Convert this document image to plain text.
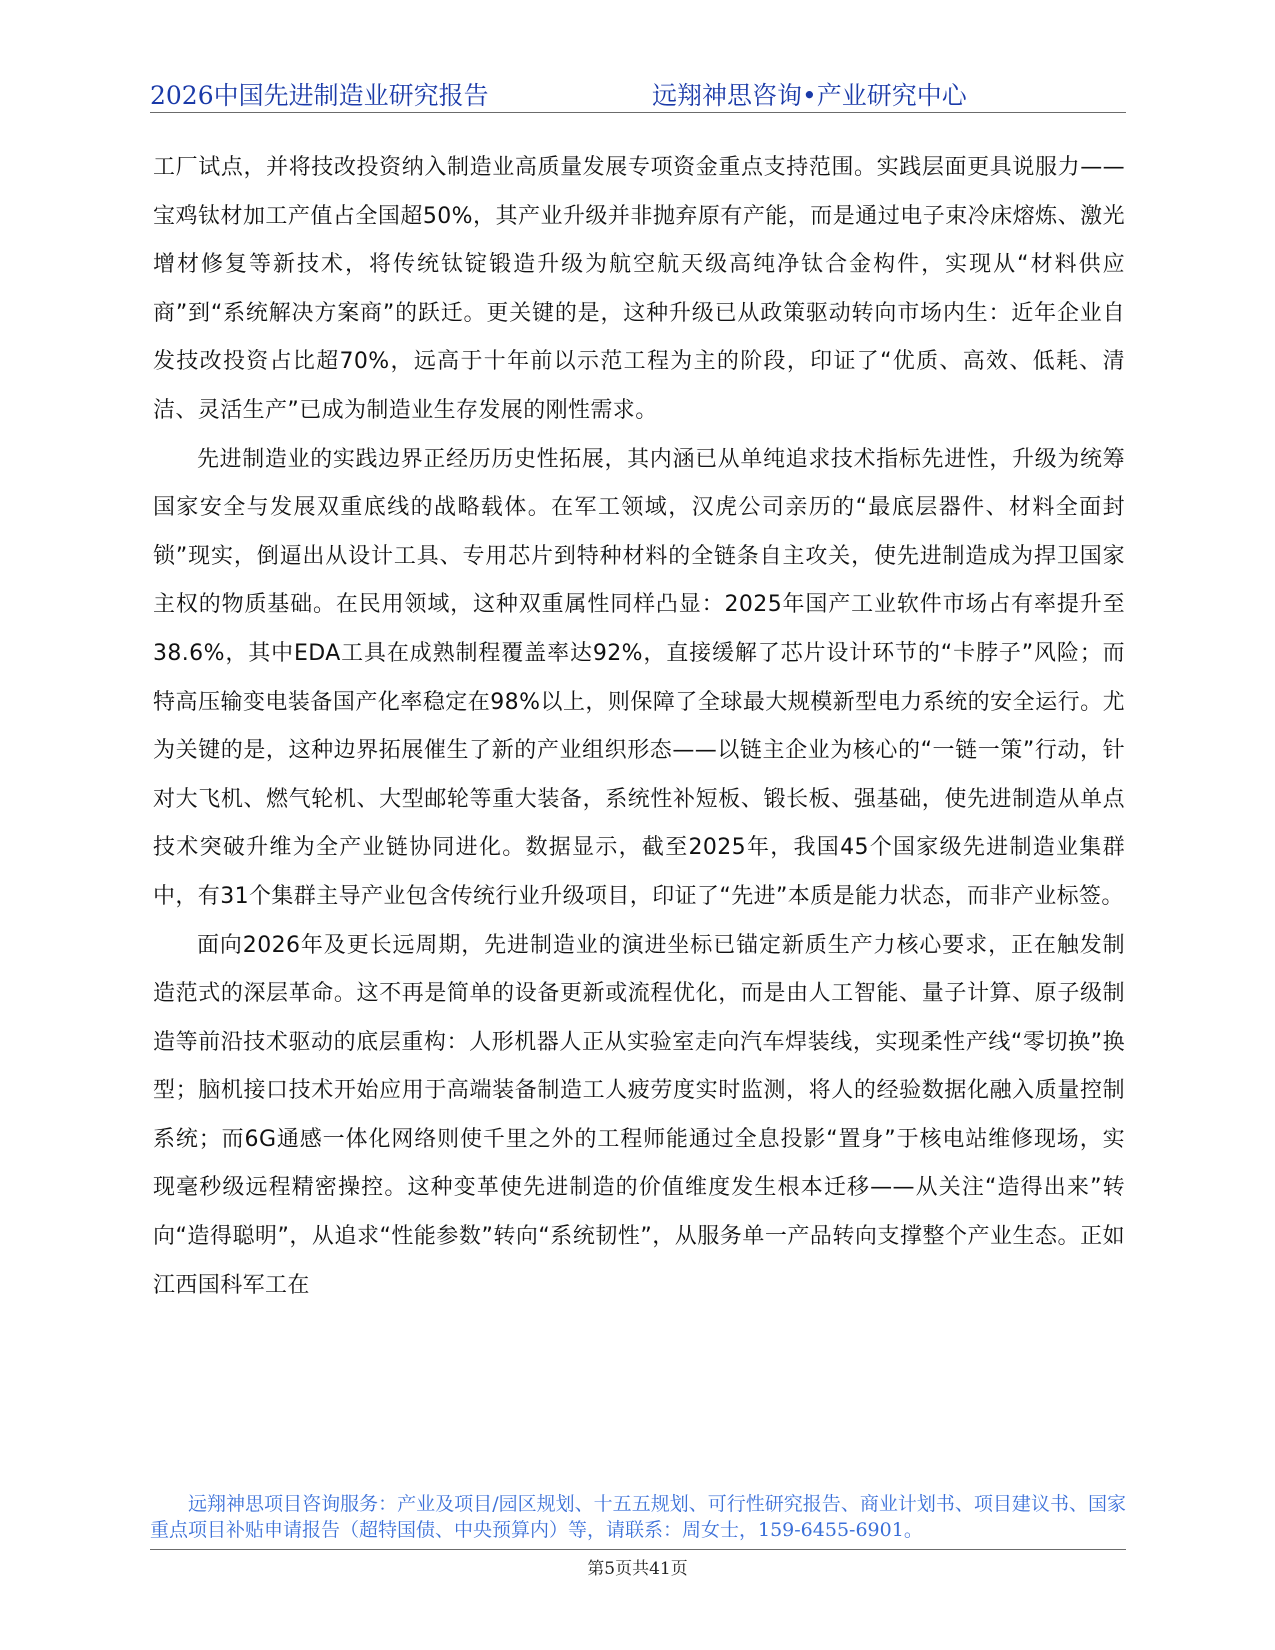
2026中国先进制造业研究报告	远翔神思咨询•产业研究中心

工厂试点，并将技改投资纳入制造业高质量发展专项资金重点支持范围。实践层面更具说服力——宝鸡钛材加工产值占全国超50%，其产业升级并非抛弃原有产能，而是通过电子束冷床熔炼、激光增材修复等新技术，将传统钛锭锻造升级为航空航天级高纯净钛合金构件，实现从“材料供应商”到“系统解决方案商”的跃迁。更关键的是，这种升级已从政策驱动转向市场内生：近年企业自发技改投资占比超70%，远高于十年前以示范工程为主的阶段，印证了“优质、高效、低耗、清洁、灵活生产”已成为制造业生存发展的刚性需求。

先进制造业的实践边界正经历历史性拓展，其内涵已从单纯追求技术指标先进性，升级为统筹国家安全与发展双重底线的战略载体。在军工领域，汉虎公司亲历的“最底层器件、材料全面封锁”现实，倒逼出从设计工具、专用芯片到特种材料的全链条自主攻关，使先进制造成为捍卫国家主权的物质基础。在民用领域，这种双重属性同样凸显：2025年国产工业软件市场占有率提升至38.6%，其中EDA工具在成熟制程覆盖率达92%，直接缓解了芯片设计环节的“卡脖子”风险；而特高压输变电装备国产化率稳定在98%以上，则保障了全球最大规模新型电力系统的安全运行。尤为关键的是，这种边界拓展催生了新的产业组织形态——以链主企业为核心的“一链一策”行动，针对大飞机、燃气轮机、大型邮轮等重大装备，系统性补短板、锻长板、强基础，使先进制造从单点技术突破升维为全产业链协同进化。数据显示，截至2025年，我国45个国家级先进制造业集群中，有31个集群主导产业包含传统行业升级项目，印证了“先进”本质是能力状态，而非产业标签。

面向2026年及更长远周期，先进制造业的演进坐标已锚定新质生产力核心要求，正在触发制造范式的深层革命。这不再是简单的设备更新或流程优化，而是由人工智能、量子计算、原子级制造等前沿技术驱动的底层重构：人形机器人正从实验室走向汽车焊装线，实现柔性产线“零切换”换型；脑机接口技术开始应用于高端装备制造工人疲劳度实时监测，将人的经验数据化融入质量控制系统；而6G通感一体化网络则使千里之外的工程师能通过全息投影“置身”于核电站维修现场，实现毫秒级远程精密操控。这种变革使先进制造的价值维度发生根本迁移——从关注“造得出来”转向“造得聪明”，从追求“性能参数”转向“系统韧性”，从服务单一产品转向支撑整个产业生态。正如江西国科军工在

远翔神思项目咨询服务：产业及项目/园区规划、十五五规划、可行性研究报告、商业计划书、项目建议书、国家重点项目补贴申请报告（超特国债、中央预算内）等，请联系：周女士，159-6455-6901。
第5页共41页
